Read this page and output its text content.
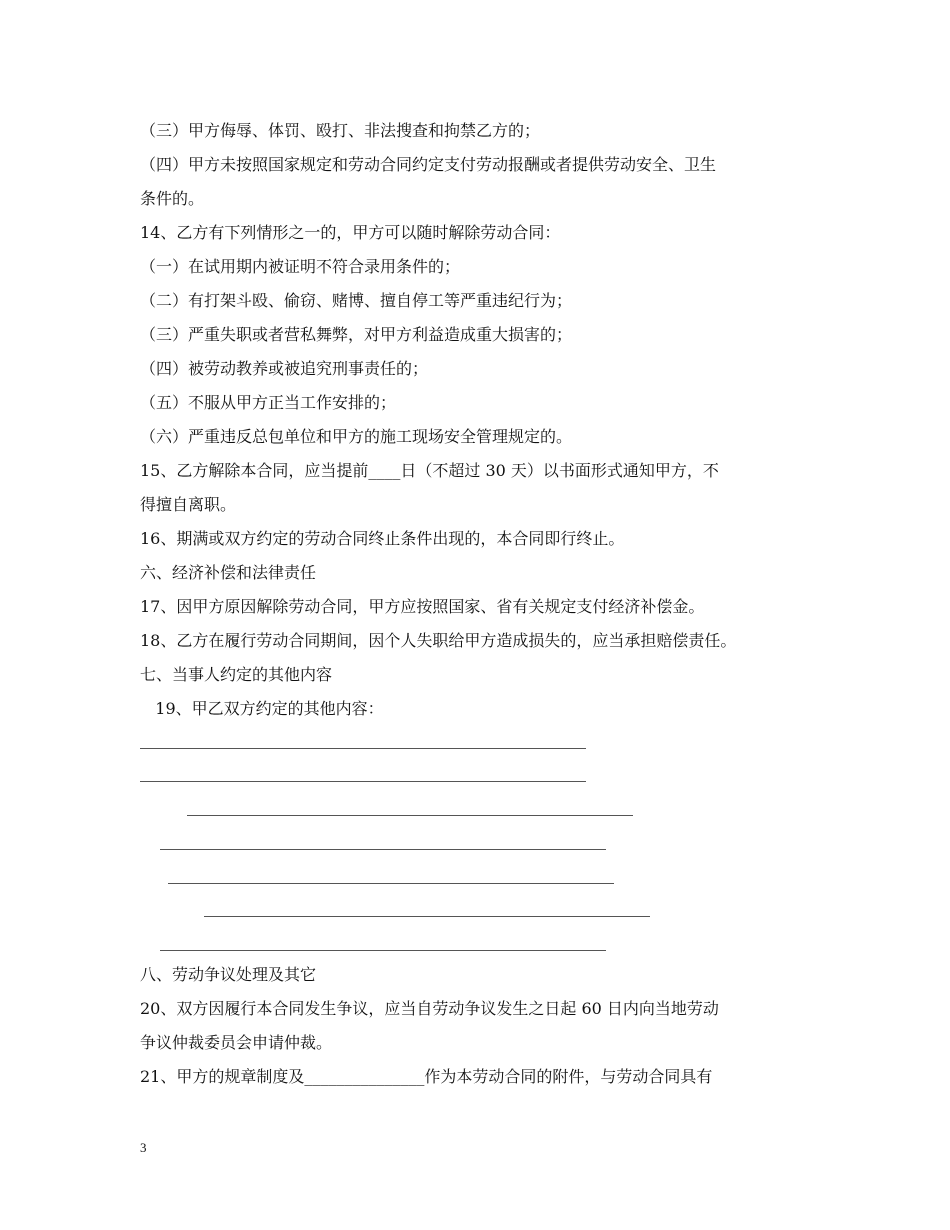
（三）甲方侮辱、体罚、殴打、非法搜查和拘禁乙方的；
（四）甲方未按照国家规定和劳动合同约定支付劳动报酬或者提供劳动安全、卫生
条件的。
14、乙方有下列情形之一的，甲方可以随时解除劳动合同：
（一）在试用期内被证明不符合录用条件的；
（二）有打架斗殴、偷窃、赌博、擅自停工等严重违纪行为；
（三）严重失职或者营私舞弊，对甲方利益造成重大损害的；
（四）被劳动教养或被追究刑事责任的；
（五）不服从甲方正当工作安排的；
（六）严重违反总包单位和甲方的施工现场安全管理规定的。
15、乙方解除本合同，应当提前____日（不超过 30 天）以书面形式通知甲方，不
得擅自离职。
16、期满或双方约定的劳动合同终止条件出现的，本合同即行终止。
六、经济补偿和法律责任
17、因甲方原因解除劳动合同，甲方应按照国家、省有关规定支付经济补偿金。
18、乙方在履行劳动合同期间，因个人失职给甲方造成损失的，应当承担赔偿责任。
七、当事人约定的其他内容
19、甲乙双方约定的其他内容：
八、劳动争议处理及其它
20、双方因履行本合同发生争议，应当自劳动争议发生之日起 60 日内向当地劳动
争议仲裁委员会申请仲裁。
21、甲方的规章制度及_______________作为本劳动合同的附件，与劳动合同具有
3
